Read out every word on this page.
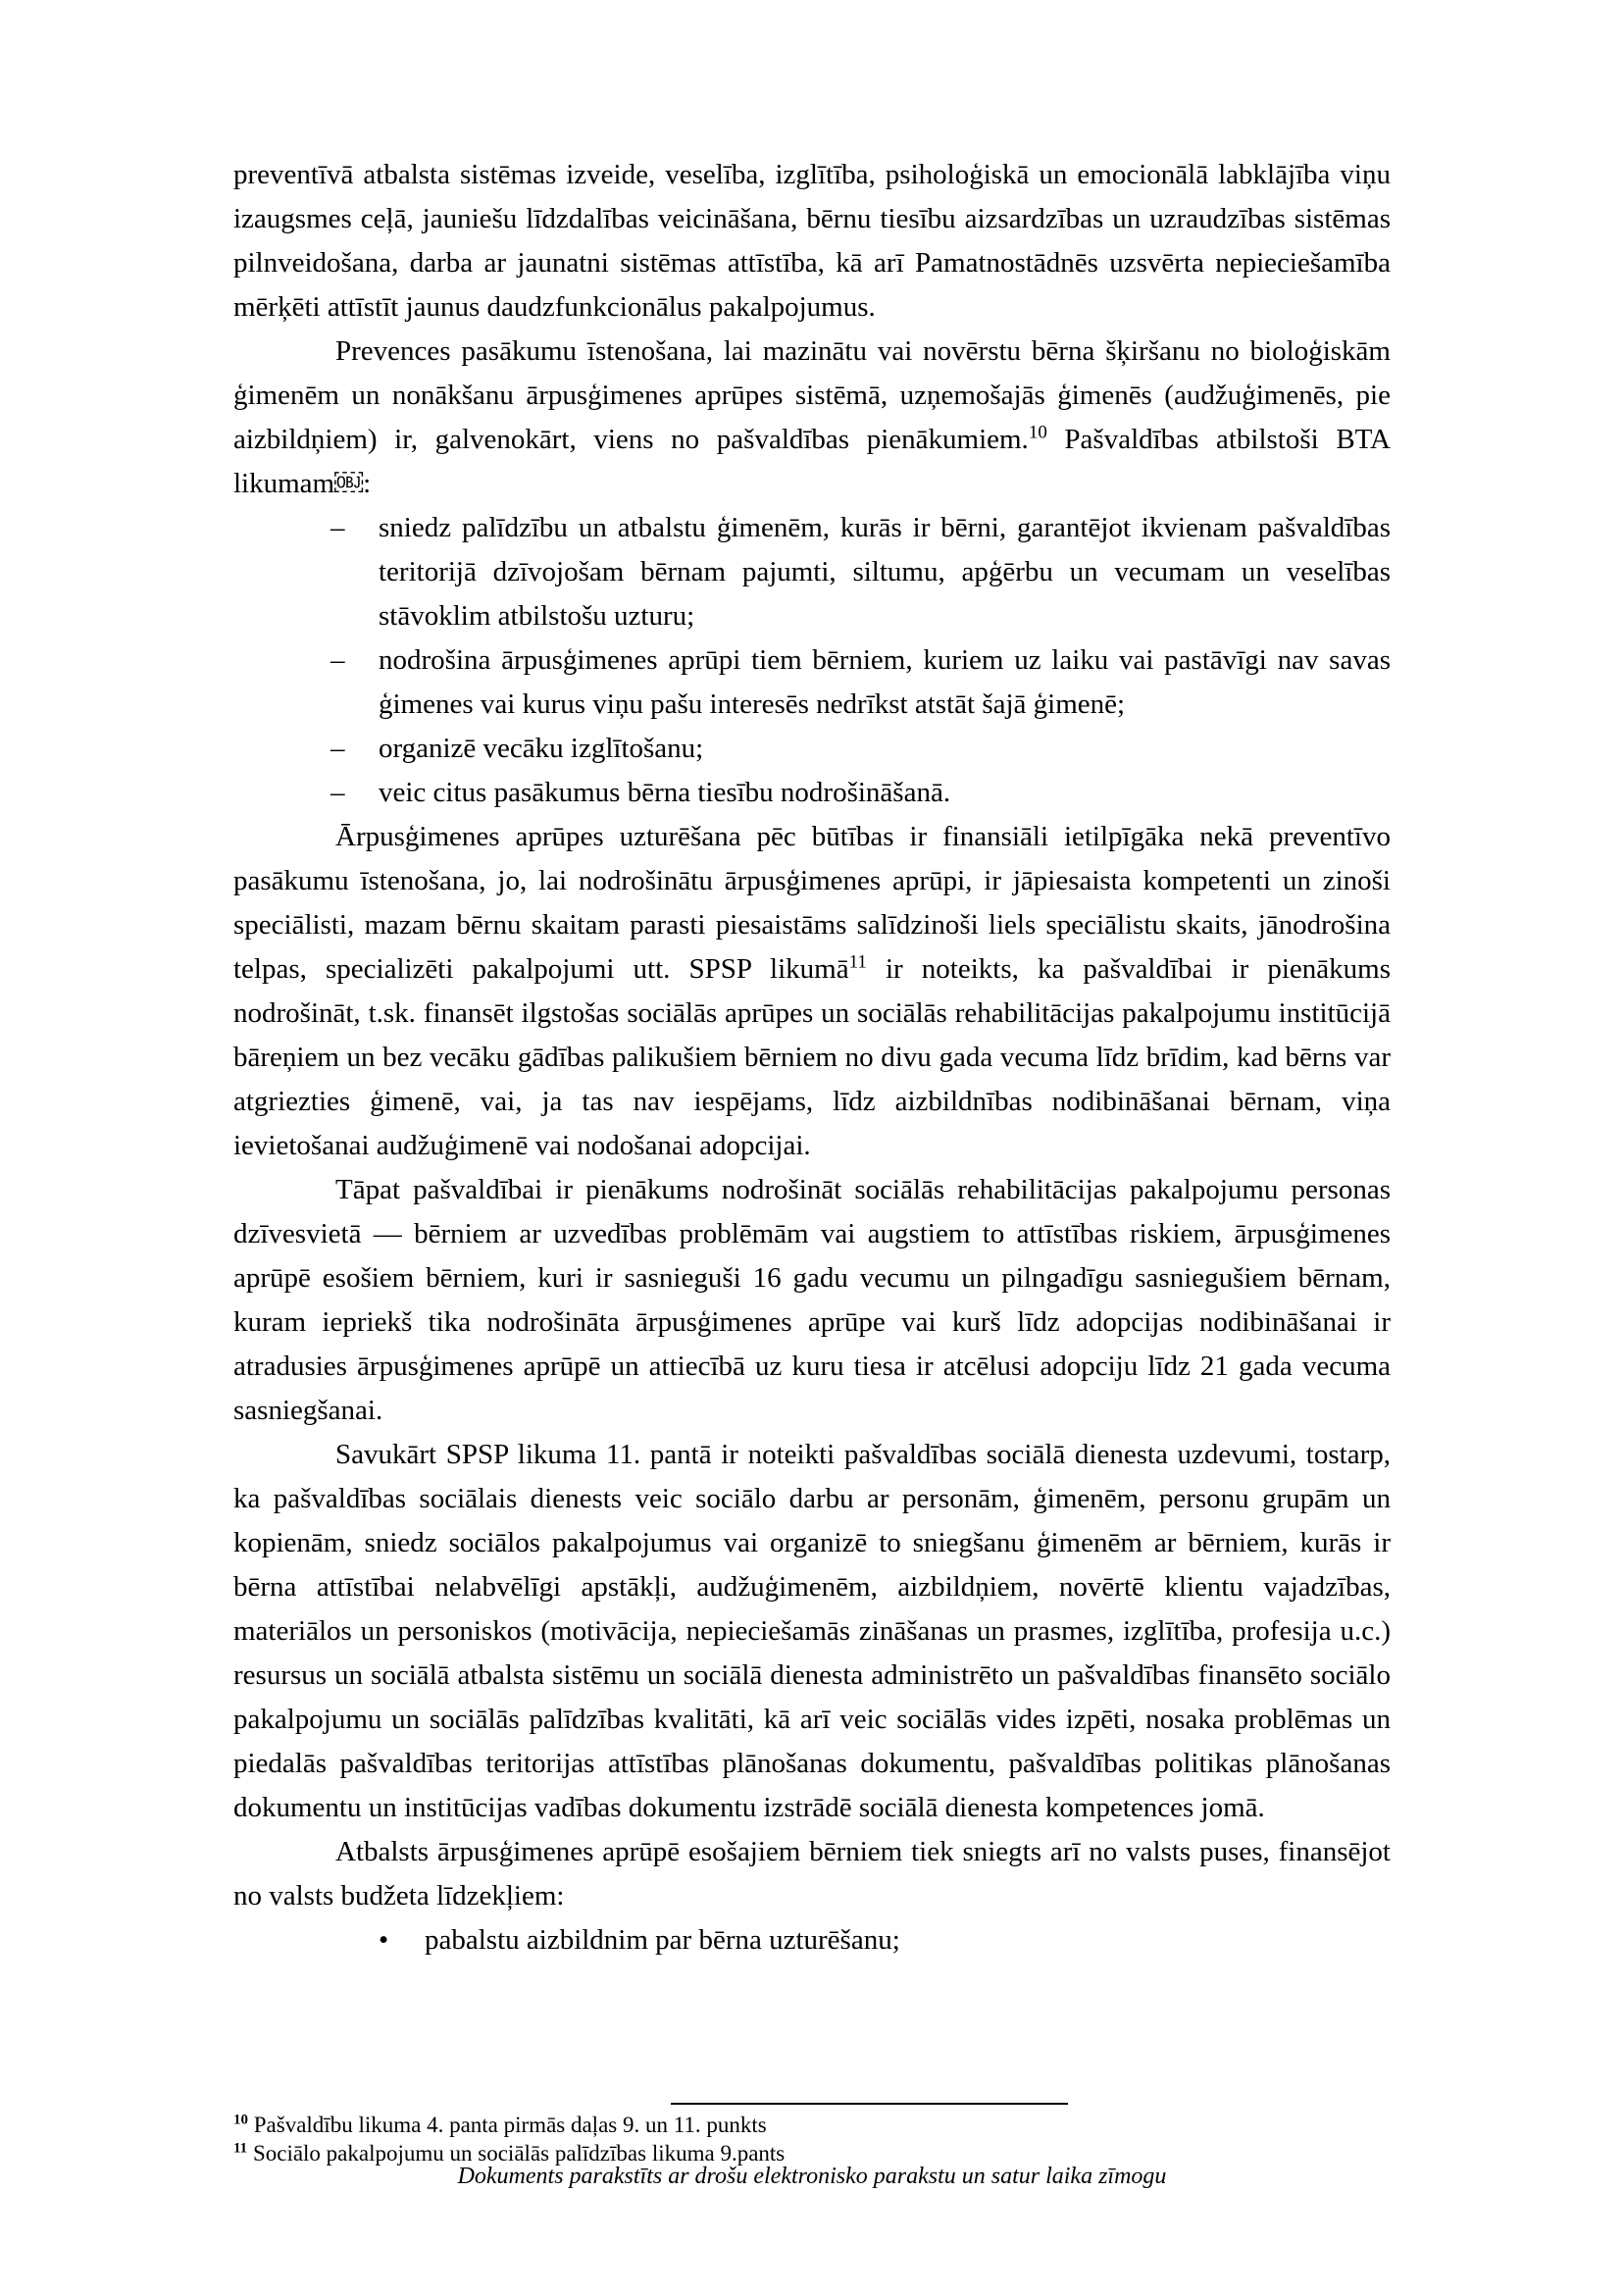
preventīvā atbalsta sistēmas izveide, veselība, izglītība, psiholoģiskā un emocionālā labklājība viņu izaugsmes ceļā, jauniešu līdzdalības veicināšana, bērnu tiesību aizsardzības un uzraudzības sistēmas pilnveidošana, darba ar jaunatni sistēmas attīstība, kā arī Pamatnostādnēs uzsvērta nepieciešamība mērķēti attīstīt jaunus daudzfunkcionālus pakalpojumus.

Prevences pasākumu īstenošana, lai mazinātu vai novērstu bērna šķiršanu no bioloģiskām ģimenēm un nonākšanu ārpusģimenes aprūpes sistēmā, uzņemošajās ģimenēs (audžuģimenēs, pie aizbildņiem) ir, galvenokārt, viens no pašvaldības pienākumiem.$^{10}$ Pašvaldības atbilstoši BTA likumam￼:

– sniedz palīdzību un atbalstu ģimenēm, kurās ir bērni, garantējot ikvienam pašvaldības teritorijā dzīvojošam bērnam pajumti, siltumu, apģērbu un vecumam un veselības stāvoklim atbilstošu uzturu;
– nodrošina ārpusģimenes aprūpi tiem bērniem, kuriem uz laiku vai pastāvīgi nav savas ģimenes vai kurus viņu pašu interesēs nedrīkst atstāt šajā ģimenē;
– organizē vecāku izglītošanu;
– veic citus pasākumus bērna tiesību nodrošināšanā.

Ārpusģimenes aprūpes uzturēšana pēc būtības ir finansiāli ietilpīgāka nekā preventīvo pasākumu īstenošana, jo, lai nodrošinātu ārpusģimenes aprūpi, ir jāpiesaista kompetenti un zinoši speciālisti, mazam bērnu skaitam parasti piesaistāms salīdzinoši liels speciālistu skaits, jānodrošina telpas, specializēti pakalpojumi utt. SPSP likumā$^{11}$ ir noteikts, ka pašvaldībai ir pienākums nodrošināt, t.sk. finansēt ilgstošas sociālās aprūpes un sociālās rehabilitācijas pakalpojumu institūcijā bāreņiem un bez vecāku gādības palikušiem bērniem no divu gada vecuma līdz brīdim, kad bērns var atgriezties ģimenē, vai, ja tas nav iespējams, līdz aizbildnības nodibināšanai bērnam, viņa ievietošanai audžuģimenē vai nodošanai adopcijai.

Tāpat pašvaldībai ir pienākums nodrošināt sociālās rehabilitācijas pakalpojumu personas dzīvesvietā — bērniem ar uzvedības problēmām vai augstiem to attīstības riskiem, ārpusģimenes aprūpē esošiem bērniem, kuri ir sasnieguši 16 gadu vecumu un pilngadīgu sasniegušiem bērnam, kuram iepriekš tika nodrošināta ārpusģimenes aprūpe vai kurš līdz adopcijas nodibināšanai ir atradusies ārpusģimenes aprūpē un attiecībā uz kuru tiesa ir atcēlusi adopciju līdz 21 gada vecuma sasniegšanai.

Savukārt SPSP likuma 11. pantā ir noteikti pašvaldības sociālā dienesta uzdevumi, tostarp, ka pašvaldības sociālais dienests veic sociālo darbu ar personām, ģimenēm, personu grupām un kopienām, sniedz sociālos pakalpojumus vai organizē to sniegšanu ģimenēm ar bērniem, kurās ir bērna attīstībai nelabvēlīgi apstākļi, audžuģimenēm, aizbildņiem, novērtē klientu vajadzības, materiālos un personiskos (motivācija, nepieciešamās zināšanas un prasmes, izglītība, profesija u.c.) resursus un sociālā atbalsta sistēmu un sociālā dienesta administrēto un pašvaldības finansēto sociālo pakalpojumu un sociālās palīdzības kvalitāti, kā arī veic sociālās vides izpēti, nosaka problēmas un piedalās pašvaldības teritorijas attīstības plānošanas dokumentu, pašvaldības politikas plānošanas dokumentu un institūcijas vadības dokumentu izstrādē sociālā dienesta kompetences jomā.

Atbalsts ārpusģimenes aprūpē esošajiem bērniem tiek sniegts arī no valsts puses, finansējot no valsts budžeta līdzekļiem:

• pabalstu aizbildnim par bērna uzturēšanu;
$^{10}$ Pašvaldību likuma 4. panta pirmās daļas 9. un 11. punkts
$^{11}$ Sociālo pakalpojumu un sociālās palīdzības likuma 9.pants
Dokuments parakstīts ar drošu elektronisko parakstu un satur laika zīmogu
